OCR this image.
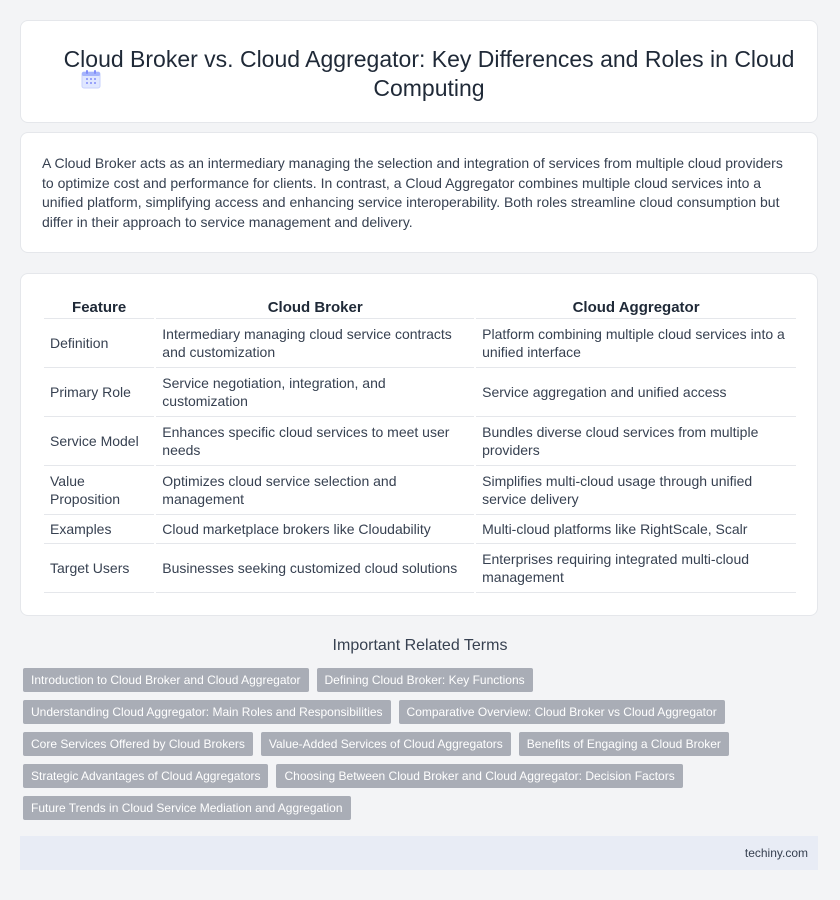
Cloud Broker vs. Cloud Aggregator: Key Differences and Roles in Cloud Computing

A Cloud Broker acts as an intermediary managing the selection and integration of services from multiple cloud providers to optimize cost and performance for clients. In contrast, a Cloud Aggregator combines multiple cloud services into a unified platform, simplifying access and enhancing service interoperability. Both roles streamline cloud consumption but differ in their approach to service management and delivery.

Feature	Cloud Broker	Cloud Aggregator
Definition	Intermediary managing cloud service contracts and customization	Platform combining multiple cloud services into a unified interface
Primary Role	Service negotiation, integration, and customization	Service aggregation and unified access
Service Model	Enhances specific cloud services to meet user needs	Bundles diverse cloud services from multiple providers
Value Proposition	Optimizes cloud service selection and management	Simplifies multi-cloud usage through unified service delivery
Examples	Cloud marketplace brokers like Cloudability	Multi-cloud platforms like RightScale, Scalr
Target Users	Businesses seeking customized cloud solutions	Enterprises requiring integrated multi-cloud management
Important Related Terms
Introduction to Cloud Broker and Cloud Aggregator	Defining Cloud Broker: Key Functions
Understanding Cloud Aggregator: Main Roles and Responsibilities	Comparative Overview: Cloud Broker vs Cloud Aggregator
Core Services Offered by Cloud Brokers	Value-Added Services of Cloud Aggregators	Benefits of Engaging a Cloud Broker
Strategic Advantages of Cloud Aggregators	Choosing Between Cloud Broker and Cloud Aggregator: Decision Factors
Future Trends in Cloud Service Mediation and Aggregation
techiny.com
